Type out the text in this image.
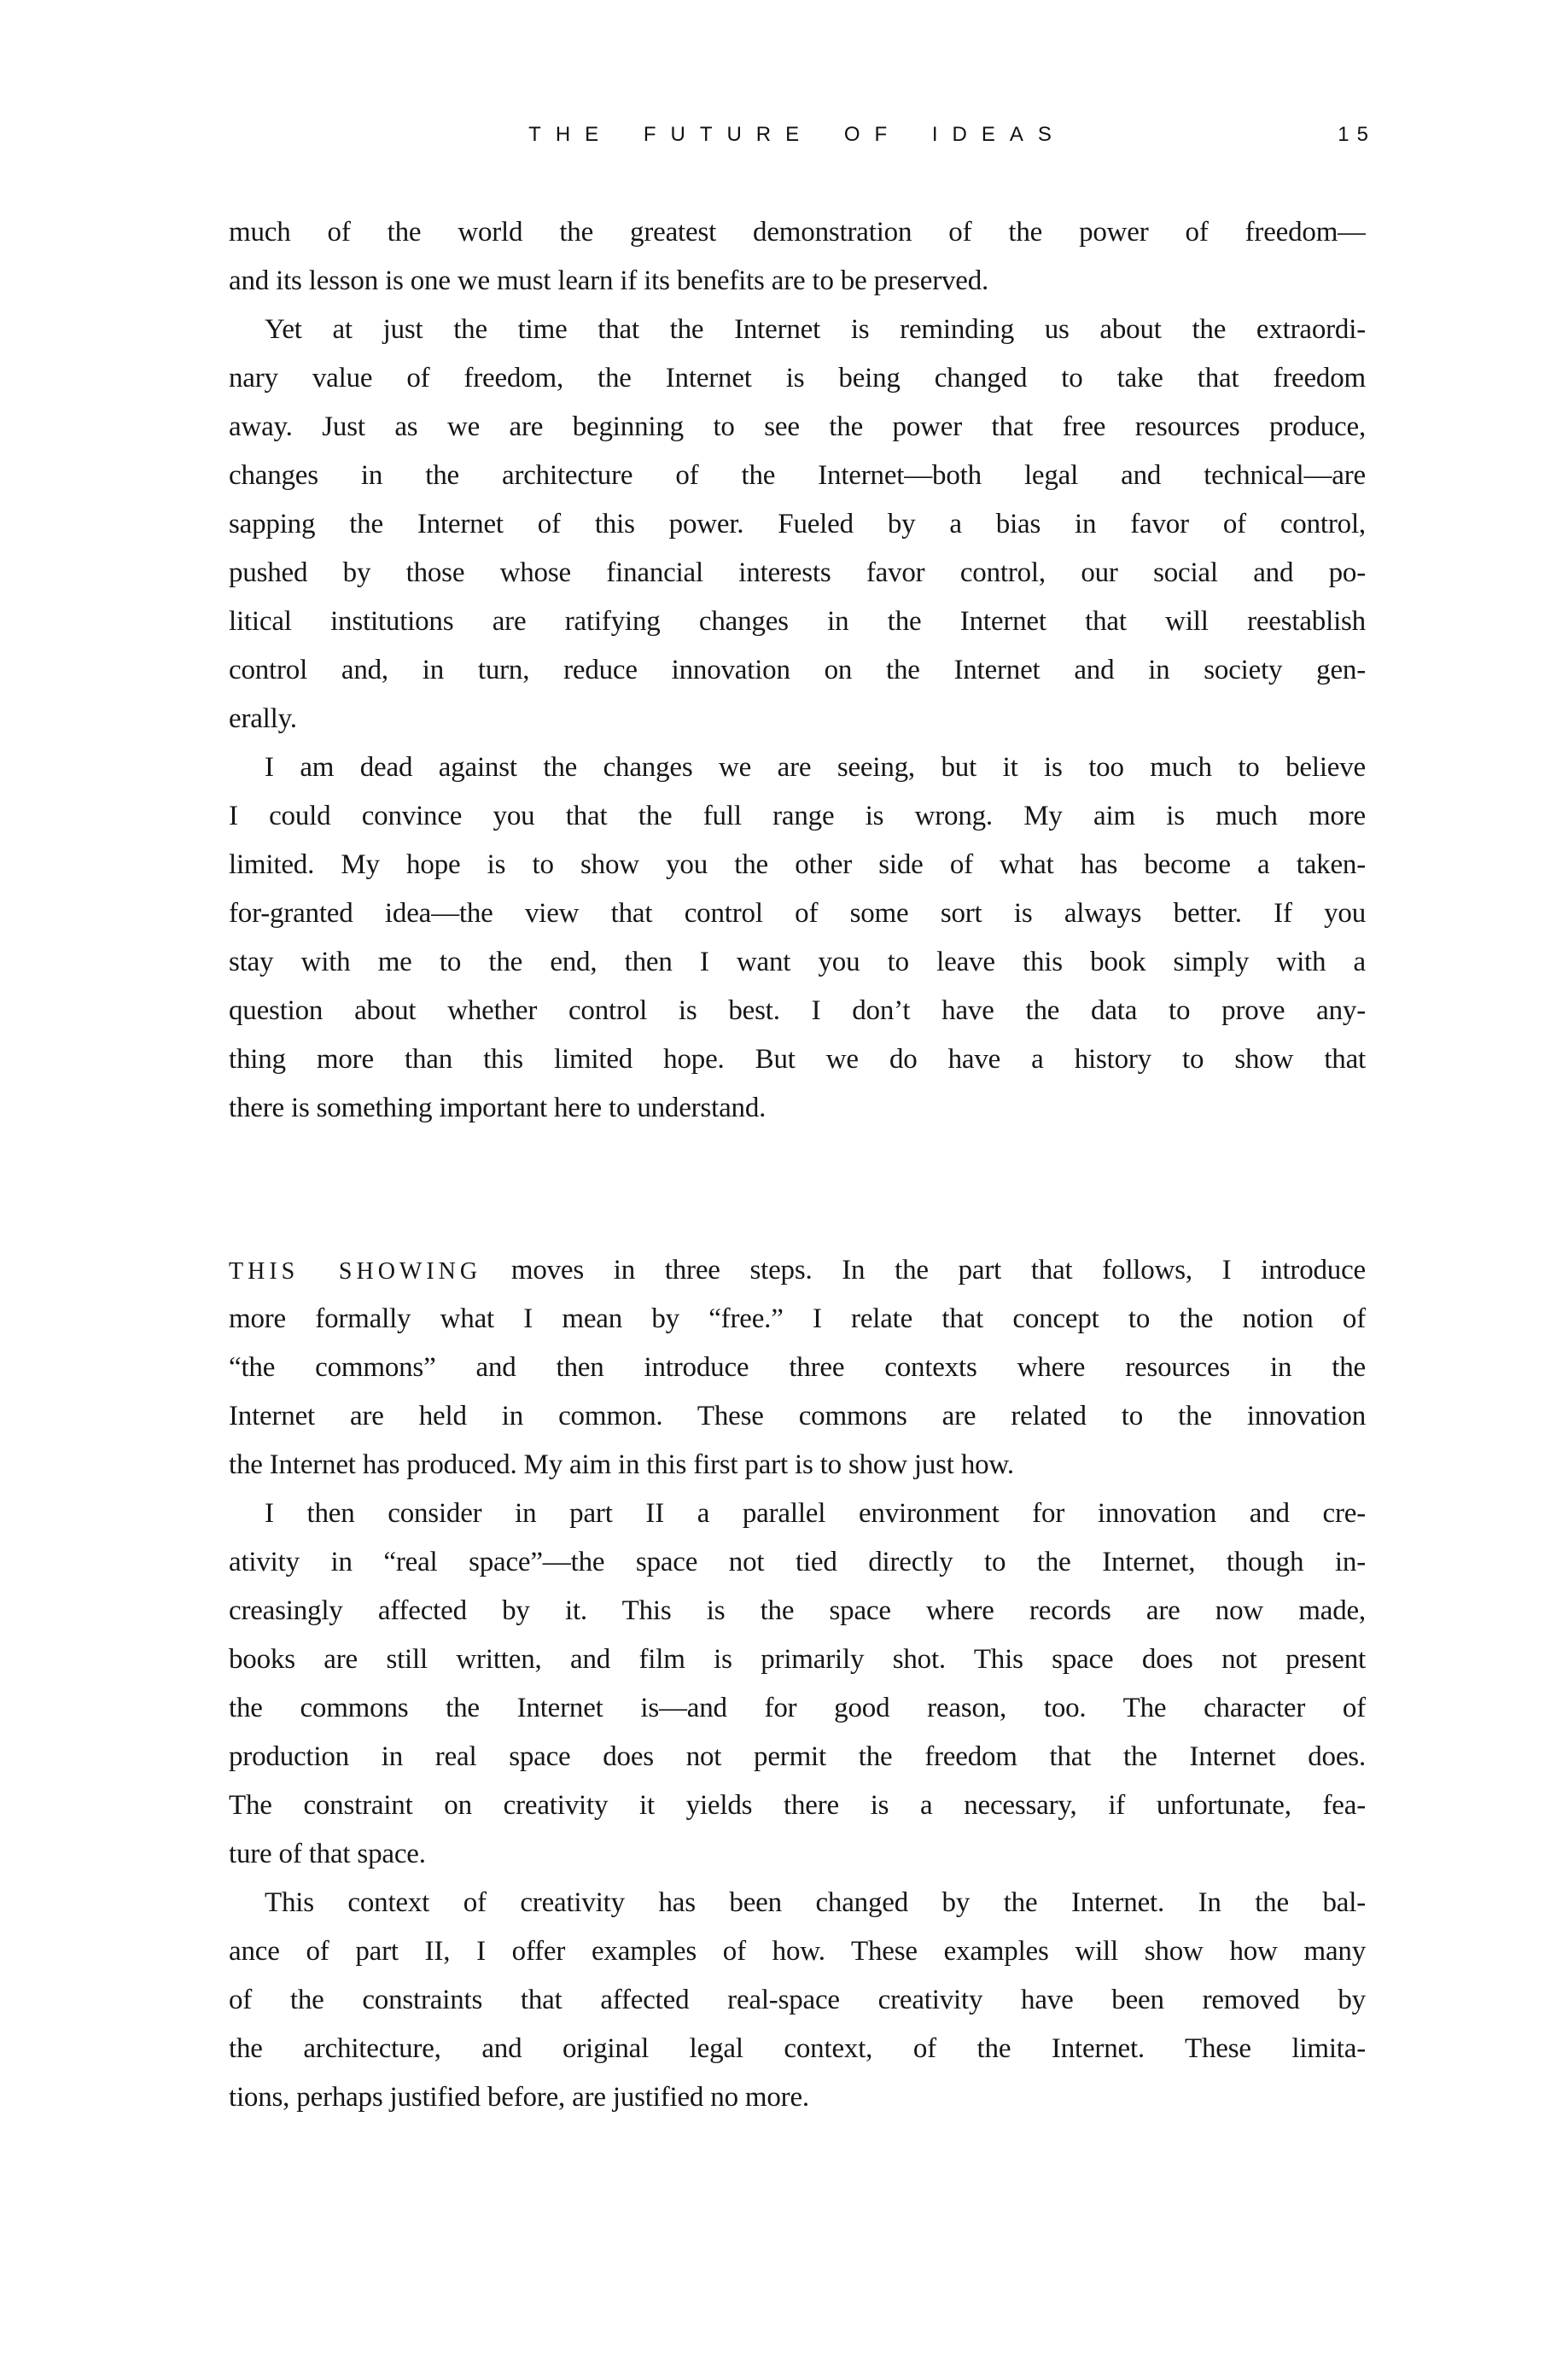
THE FUTURE OF IDEAS	15
much of the world the greatest demonstration of the power of freedom—
and its lesson is one we must learn if its benefits are to be preserved.
Yet at just the time that the Internet is reminding us about the extraordi-
nary value of freedom, the Internet is being changed to take that freedom
away. Just as we are beginning to see the power that free resources produce,
changes in the architecture of the Internet—both legal and technical—are
sapping the Internet of this power. Fueled by a bias in favor of control,
pushed by those whose financial interests favor control, our social and po-
litical institutions are ratifying changes in the Internet that will reestablish
control and, in turn, reduce innovation on the Internet and in society gen-
erally.
I am dead against the changes we are seeing, but it is too much to believe
I could convince you that the full range is wrong. My aim is much more
limited. My hope is to show you the other side of what has become a taken-
for-granted idea—the view that control of some sort is always better. If you
stay with me to the end, then I want you to leave this book simply with a
question about whether control is best. I don’t have the data to prove any-
thing more than this limited hope. But we do have a history to show that
there is something important here to understand.
THIS SHOWING moves in three steps. In the part that follows, I introduce
more formally what I mean by “free.” I relate that concept to the notion of
“the commons” and then introduce three contexts where resources in the
Internet are held in common. These commons are related to the innovation
the Internet has produced. My aim in this first part is to show just how.
I then consider in part II a parallel environment for innovation and cre-
ativity in “real space”—the space not tied directly to the Internet, though in-
creasingly affected by it. This is the space where records are now made,
books are still written, and film is primarily shot. This space does not present
the commons the Internet is—and for good reason, too. The character of
production in real space does not permit the freedom that the Internet does.
The constraint on creativity it yields there is a necessary, if unfortunate, fea-
ture of that space.
This context of creativity has been changed by the Internet. In the bal-
ance of part II, I offer examples of how. These examples will show how many
of the constraints that affected real-space creativity have been removed by
the architecture, and original legal context, of the Internet. These limita-
tions, perhaps justified before, are justified no more.
